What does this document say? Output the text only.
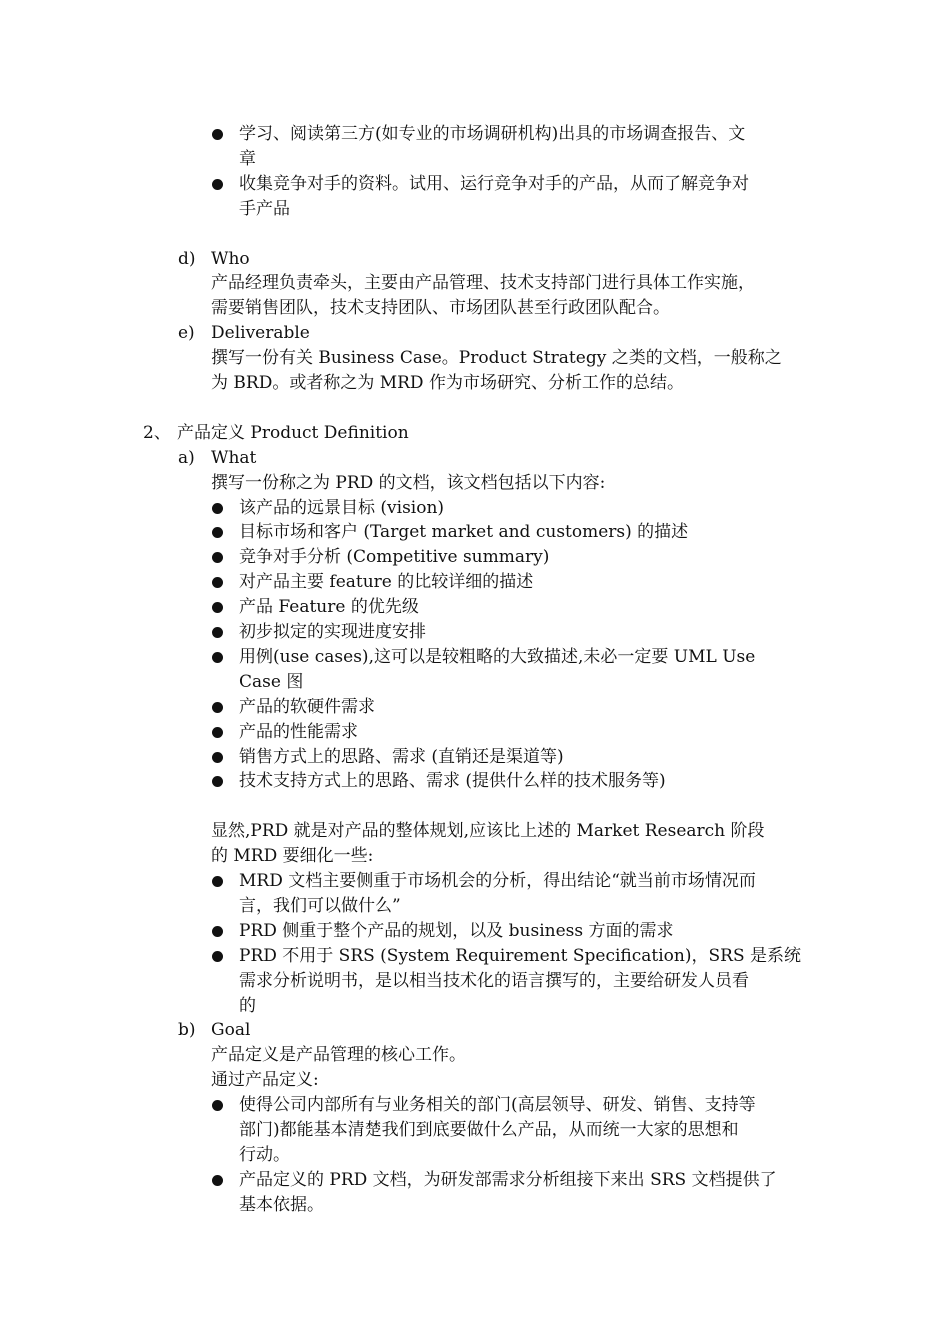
学习、阅读第三方(如专业的市场调研机构)出具的市场调查报告、文
章
收集竞争对手的资料。试用、运行竞争对手的产品，从而了解竞争对
手产品
d) Who
产品经理负责牵头，主要由产品管理、技术支持部门进行具体工作实施，
需要销售团队，技术支持团队、市场团队甚至行政团队配合。
e) Deliverable
撰写一份有关 Business Case。Product Strategy 之类的文档，一般称之
为 BRD。或者称之为 MRD 作为市场研究、分析工作的总结。
2、 产品定义 Product Definition
a) What
撰写一份称之为 PRD 的文档，该文档包括以下内容:
该产品的远景目标 (vision)
目标市场和客户 (Target market and customers) 的描述
竞争对手分析 (Competitive summary)
对产品主要 feature 的比较详细的描述
产品 Feature 的优先级
初步拟定的实现进度安排
用例(use cases),这可以是较粗略的大致描述,未必一定要 UML Use
Case 图
产品的软硬件需求
产品的性能需求
销售方式上的思路、需求 (直销还是渠道等)
技术支持方式上的思路、需求 (提供什么样的技术服务等)
显然,PRD 就是对产品的整体规划,应该比上述的 Market Research 阶段
的 MRD 要细化一些:
MRD 文档主要侧重于市场机会的分析，得出结论“就当前市场情况而
言，我们可以做什么”
PRD 侧重于整个产品的规划，以及 business 方面的需求
PRD 不用于 SRS (System Requirement Specification)，SRS 是系统
需求分析说明书，是以相当技术化的语言撰写的，主要给研发人员看
的
b) Goal
产品定义是产品管理的核心工作。
通过产品定义:
使得公司内部所有与业务相关的部门(高层领导、研发、销售、支持等
部门)都能基本清楚我们到底要做什么产品，从而统一大家的思想和
行动。
产品定义的 PRD 文档，为研发部需求分析组接下来出 SRS 文档提供了
基本依据。
